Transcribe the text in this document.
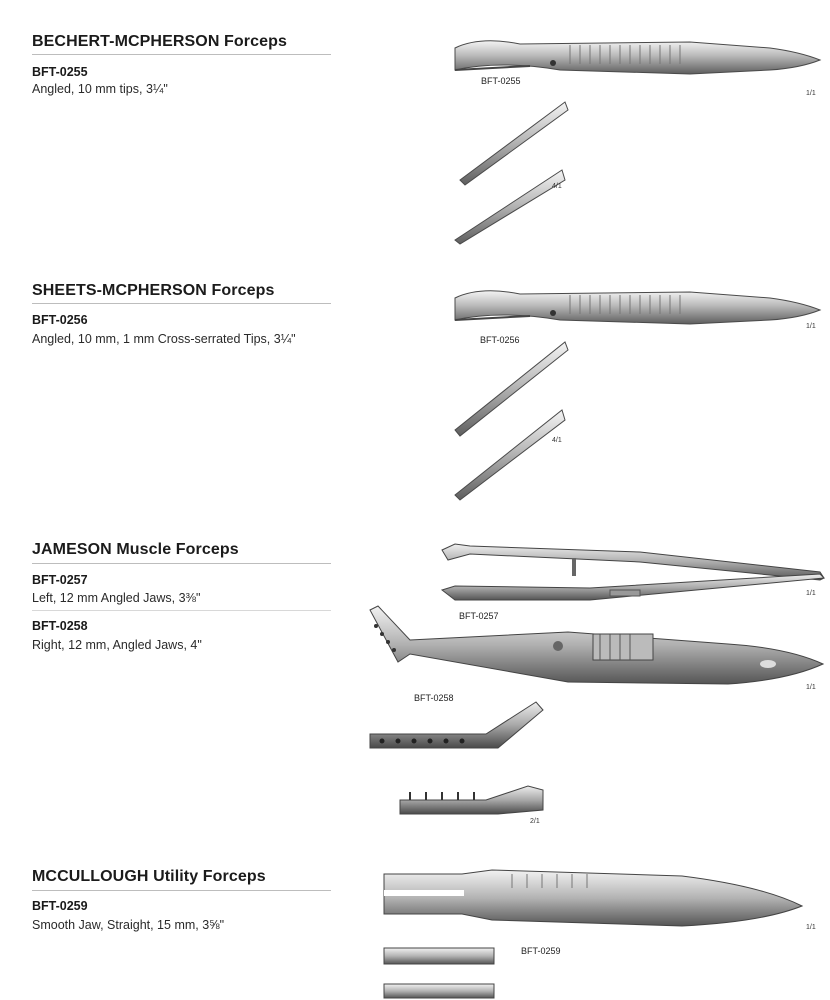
BECHERT-MCPHERSON Forceps
BFT-0255
Angled, 10 mm tips, 3¼"
BFT-0255
1/1
4/1
SHEETS-MCPHERSON Forceps
BFT-0256
Angled, 10 mm, 1 mm Cross-serrated Tips, 3¼"	BFT-0256
1/1
4/1
JAMESON Muscle Forceps
BFT-0257
Left, 12 mm Angled Jaws, 3⅜"
BFT-0258
Right, 12 mm, Angled Jaws, 4"
BFT-0257
1/1
BFT-0258
1/1
2/1
MCCULLOUGH Utility Forceps
BFT-0259
Smooth Jaw, Straight, 15 mm, 3⅝"
BFT-0259
1/1
